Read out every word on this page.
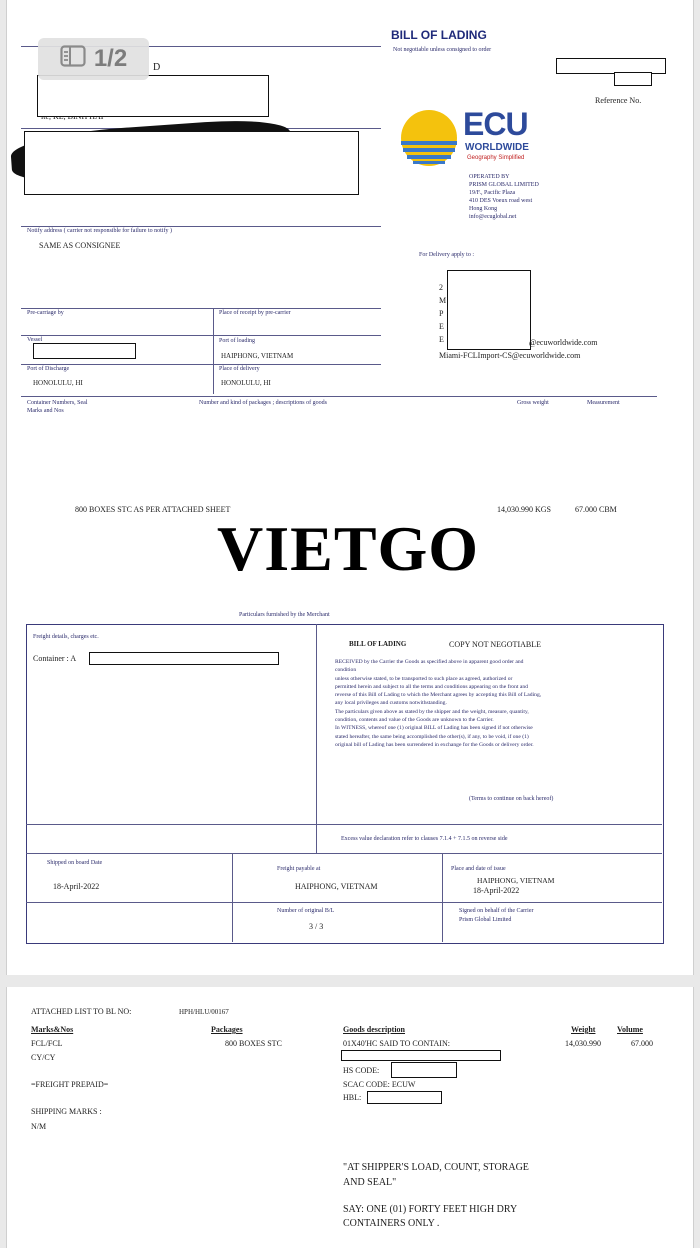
D
Notify address ( carrier not responsible for failure to notify )
SAME AS CONSIGNEE
BILL OF LADING
Not negotiable unless consigned to order
Reference No.
ECU
WORLDWIDE
Geography Simplified
OPERATED BY
PRISM GLOBAL LIMITED
19/F., Pacific Plaza
410 DES Voeux road west
Hong Kong
info@ecuglobal.net
For Delivery apply to :

2
M
P
E
E	@ecuworldwide.com
Miami-FCLImport-CS@ecuworldwide.com
Pre-carriage by	Place of receipt by pre-carrier
Vessel	Port of loading
HAIPHONG, VIETNAM
Port of Discharge
HONOLULU, HI
Place of delivery
HONOLULU, HI
Container Numbers, Seal
Marks and Nos
Number and kind of packages ; descriptions of goods	Gross weight	Measurement
800 BOXES STC AS PER ATTACHED SHEET	14,030.990 KGS	67.000 CBM
VIETGO
Particulars furnished by the Merchant
Freight details, charges etc.
Container : A
BILL OF LADING	COPY NOT NEGOTIABLE
RECEIVED by the Carrier the Goods as specified above in apparent good order and
condition
unless otherwise stated, to be transported to such place as agreed, authorized or
permitted herein and subject to all the terms and conditions appearing on the front and
reverse of this Bill of Lading to which the Merchant agrees by accepting this Bill of Lading,
any local privileges and customs notwithstanding.
The particulars given above as stated by the shipper and the weight, measure, quantity,
condition, contents and value of the Goods are unknown to the Carrier.
In WITNESS, whereof one (1) original BILL of Lading has been signed if not otherwise
stated hereafter, the same being accomplished the other(s), if any, to be void, if one (1)
original bill of Lading has been surrendered in exchange for the Goods or delivery order.
(Terms to continue on back hereof)
Excess value declaration refer to clauses 7.1.4 + 7.1.5 on reverse side
Shipped on board Date
18-April-2022
Freight payable at
HAIPHONG, VIETNAM
Place and date of issue
HAIPHONG, VIETNAM
18-April-2022
Number of original B/L
3 / 3
Signed on behalf of the Carrier
Prism Global Limited
ATTACHED LIST TO BL NO:	HPH/HLU/00167
Marks&Nos	Packages	Goods description	Weight	Volume
FCL/FCL
CY/CY
800 BOXES STC	01X40'HC SAID TO CONTAIN:
HS CODE:
SCAC CODE: ECUW
HBL:
14,030.990	67.000
=FREIGHT PREPAID=
SHIPPING MARKS :
N/M
"AT SHIPPER'S LOAD, COUNT, STORAGE
AND SEAL"
SAY: ONE (01) FORTY FEET HIGH DRY
CONTAINERS ONLY .
1/2
